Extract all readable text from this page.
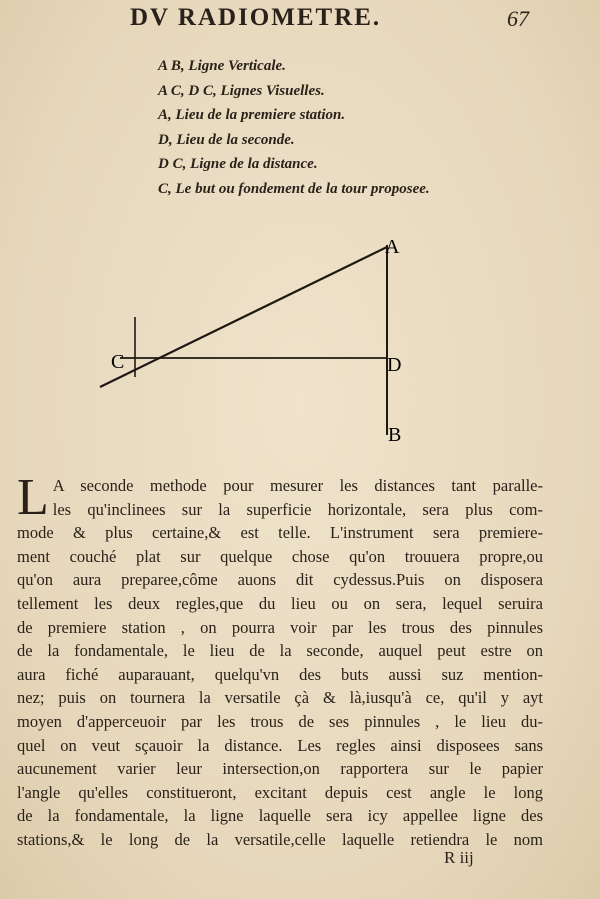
DV RADIOMETRE.	67
A B, Ligne Verticale.
A C, D C, Lignes Visuelles.
A, Lieu de la premiere station.
D, Lieu de la seconde.
D C, Ligne de la distance.
C, Le but ou fondement de la tour proposee.
A
B
C	D
L A seconde methode pour mesurer les distances tant paralle-
les qu'inclinees sur la superficie horizontale, sera plus com-
mode & plus certaine,& est telle. L'instrument sera premiere-
ment couché plat sur quelque chose qu'on trouuera propre,ou
qu'on aura preparee,côme auons dit cydessus.Puis on disposera
tellement les deux regles,que du lieu ou on sera, lequel seruira
de premiere station , on pourra voir par les trous des pinnules
de la fondamentale, le lieu de la seconde, auquel peut estre on
aura fiché auparauant, quelqu'vn des buts aussi suz mention-
nez; puis on tournera la versatile çà & là,iusqu'à ce, qu'il y ayt
moyen d'apperceuoir par les trous de ses pinnules , le lieu du-
quel on veut sçauoir la distance. Les regles ainsi disposees sans
aucunement varier leur intersection,on rapportera sur le papier
l'angle qu'elles constitueront, excitant depuis cest angle le long
de la fondamentale, la ligne laquelle sera icy appellee ligne des
stations,& le long de la versatile,celle laquelle retiendra le nom
R iij
